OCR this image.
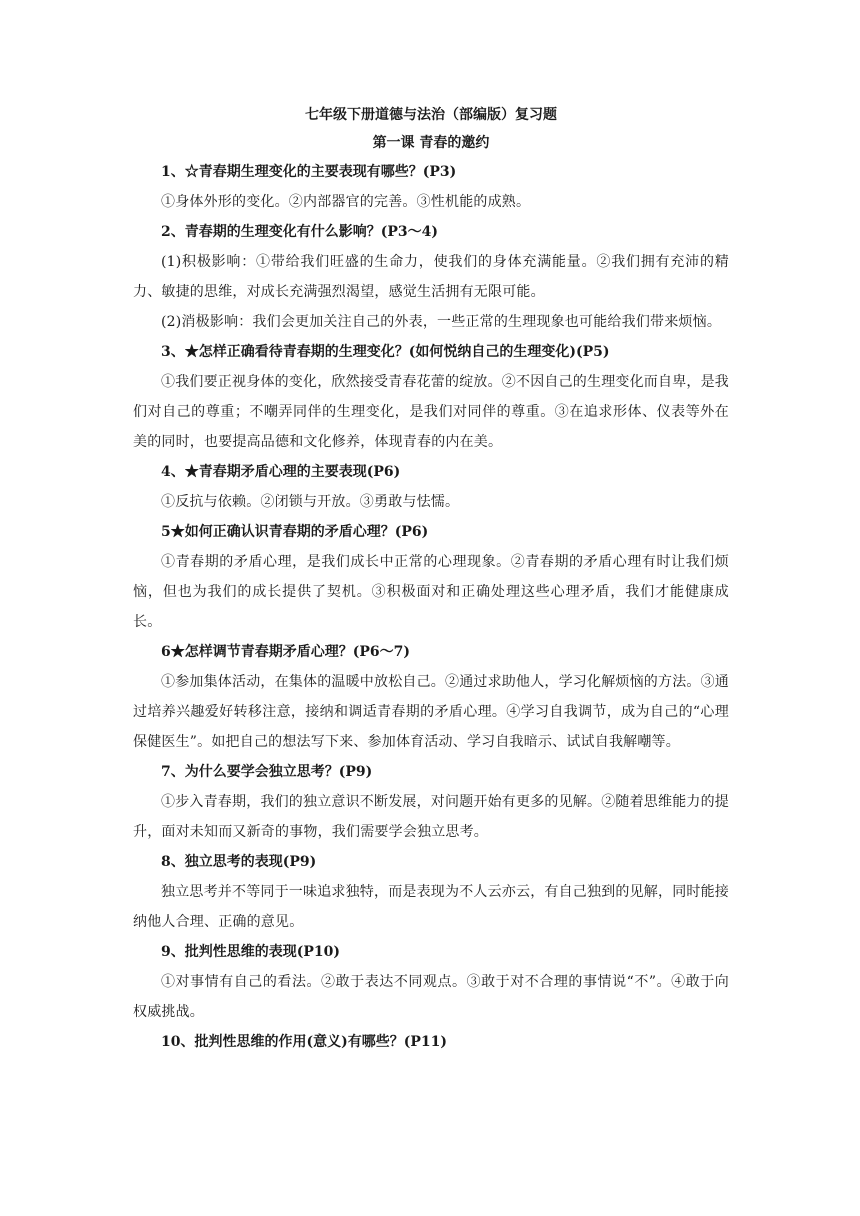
七年级下册道德与法治（部编版）复习题

第一课 青春的邀约

1、☆青春期生理变化的主要表现有哪些？(P3)

①身体外形的变化。②内部器官的完善。③性机能的成熟。

2、青春期的生理变化有什么影响？(P3～4)

(1)积极影响：①带给我们旺盛的生命力，使我们的身体充满能量。②我们拥有充沛的精力、敏捷的思维，对成长充满强烈渴望，感觉生活拥有无限可能。

(2)消极影响：我们会更加关注自己的外表，一些正常的生理现象也可能给我们带来烦恼。

3、★怎样正确看待青春期的生理变化？(如何悦纳自己的生理变化)(P5)

①我们要正视身体的变化，欣然接受青春花蕾的绽放。②不因自己的生理变化而自卑，是我们对自己的尊重；不嘲弄同伴的生理变化，是我们对同伴的尊重。③在追求形体、仪表等外在美的同时，也要提高品德和文化修养，体现青春的内在美。

4、★青春期矛盾心理的主要表现(P6)

①反抗与依赖。②闭锁与开放。③勇敢与怯懦。

5★如何正确认识青春期的矛盾心理？(P6)

①青春期的矛盾心理，是我们成长中正常的心理现象。②青春期的矛盾心理有时让我们烦恼，但也为我们的成长提供了契机。③积极面对和正确处理这些心理矛盾，我们才能健康成长。

6★怎样调节青春期矛盾心理？(P6～7)

①参加集体活动，在集体的温暖中放松自己。②通过求助他人，学习化解烦恼的方法。③通过培养兴趣爱好转移注意，接纳和调适青春期的矛盾心理。④学习自我调节，成为自己的“心理保健医生”。如把自己的想法写下来、参加体育活动、学习自我暗示、试试自我解嘲等。

7、为什么要学会独立思考？(P9)

①步入青春期，我们的独立意识不断发展，对问题开始有更多的见解。②随着思维能力的提升，面对未知而又新奇的事物，我们需要学会独立思考。

8、独立思考的表现(P9)

独立思考并不等同于一味追求独特，而是表现为不人云亦云，有自己独到的见解，同时能接纳他人合理、正确的意见。

9、批判性思维的表现(P10)

①对事情有自己的看法。②敢于表达不同观点。③敢于对不合理的事情说“不”。④敢于向权威挑战。

10、批判性思维的作用(意义)有哪些？(P11)
